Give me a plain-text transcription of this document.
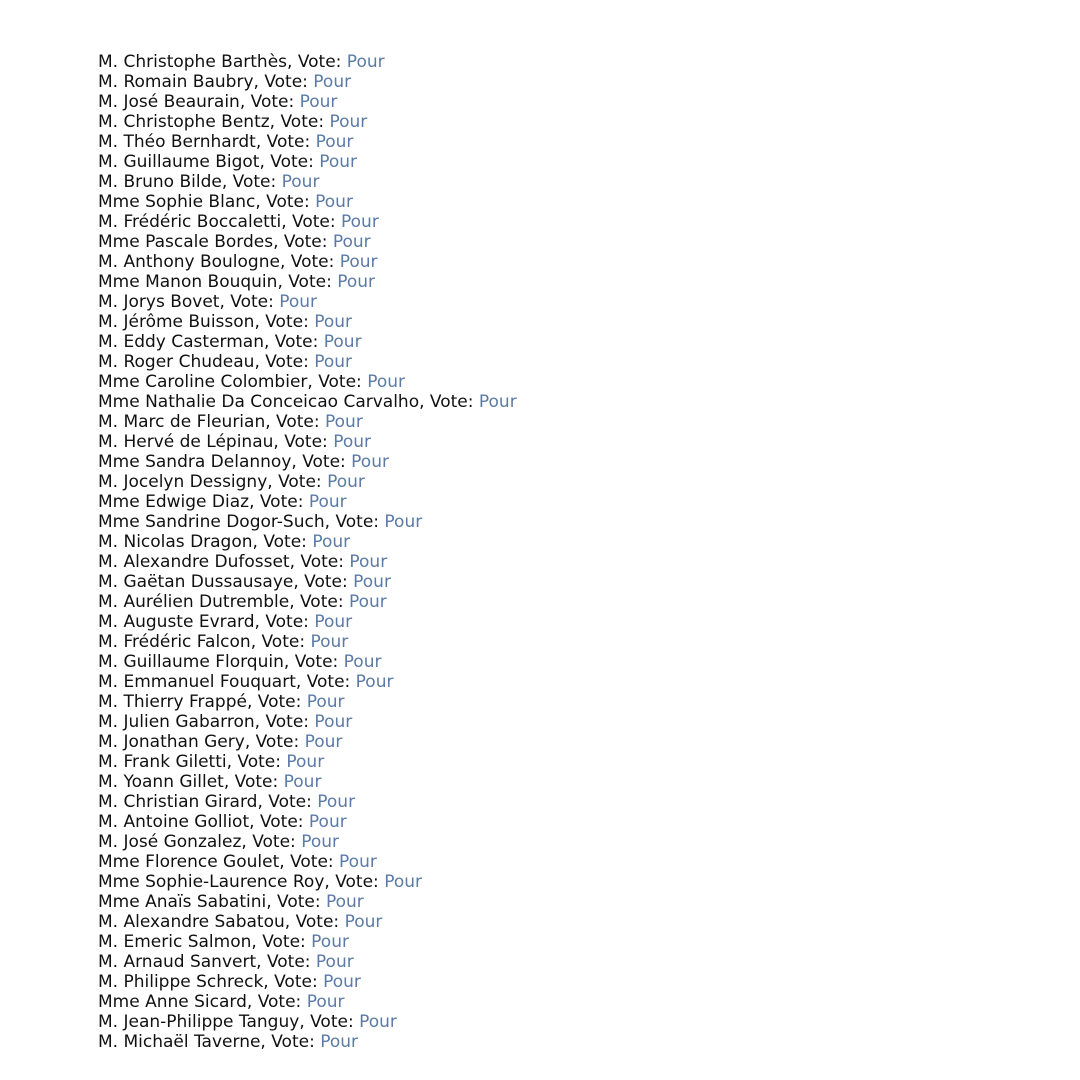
M. Christophe Barthès, Vote: Pour
M. Romain Baubry, Vote: Pour
M. José Beaurain, Vote: Pour
M. Christophe Bentz, Vote: Pour
M. Théo Bernhardt, Vote: Pour
M. Guillaume Bigot, Vote: Pour
M. Bruno Bilde, Vote: Pour
Mme Sophie Blanc, Vote: Pour
M. Frédéric Boccaletti, Vote: Pour
Mme Pascale Bordes, Vote: Pour
M. Anthony Boulogne, Vote: Pour
Mme Manon Bouquin, Vote: Pour
M. Jorys Bovet, Vote: Pour
M. Jérôme Buisson, Vote: Pour
M. Eddy Casterman, Vote: Pour
M. Roger Chudeau, Vote: Pour
Mme Caroline Colombier, Vote: Pour
Mme Nathalie Da Conceicao Carvalho, Vote: Pour
M. Marc de Fleurian, Vote: Pour
M. Hervé de Lépinau, Vote: Pour
Mme Sandra Delannoy, Vote: Pour
M. Jocelyn Dessigny, Vote: Pour
Mme Edwige Diaz, Vote: Pour
Mme Sandrine Dogor-Such, Vote: Pour
M. Nicolas Dragon, Vote: Pour
M. Alexandre Dufosset, Vote: Pour
M. Gaëtan Dussausaye, Vote: Pour
M. Aurélien Dutremble, Vote: Pour
M. Auguste Evrard, Vote: Pour
M. Frédéric Falcon, Vote: Pour
M. Guillaume Florquin, Vote: Pour
M. Emmanuel Fouquart, Vote: Pour
M. Thierry Frappé, Vote: Pour
M. Julien Gabarron, Vote: Pour
M. Jonathan Gery, Vote: Pour
M. Frank Giletti, Vote: Pour
M. Yoann Gillet, Vote: Pour
M. Christian Girard, Vote: Pour
M. Antoine Golliot, Vote: Pour
M. José Gonzalez, Vote: Pour
Mme Florence Goulet, Vote: Pour
Mme Sophie-Laurence Roy, Vote: Pour
Mme Anaïs Sabatini, Vote: Pour
M. Alexandre Sabatou, Vote: Pour
M. Emeric Salmon, Vote: Pour
M. Arnaud Sanvert, Vote: Pour
M. Philippe Schreck, Vote: Pour
Mme Anne Sicard, Vote: Pour
M. Jean-Philippe Tanguy, Vote: Pour
M. Michaël Taverne, Vote: Pour
